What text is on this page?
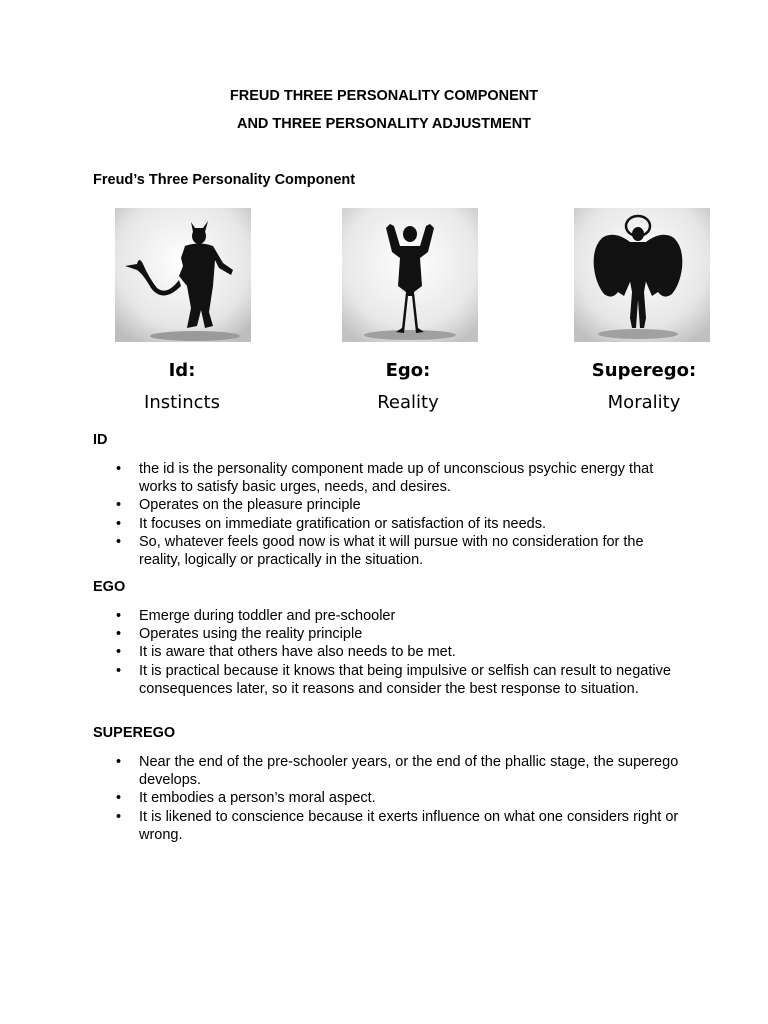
FREUD THREE PERSONALITY COMPONENT
AND THREE PERSONALITY ADJUSTMENT
Freud’s Three Personality Component
Id:
Instincts
Ego:
Reality
Superego:
Morality
ID
• the id is the personality component made up of unconscious psychic energy that works to satisfy basic urges, needs, and desires.
• Operates on the pleasure principle
• It focuses on immediate gratification or satisfaction of its needs.
• So, whatever feels good now is what it will pursue with no consideration for the reality, logically or practically in the situation.
EGO
• Emerge during toddler and pre-schooler
• Operates using the reality principle
• It is aware that others have also needs to be met.
• It is practical because it knows that being impulsive or selfish can result to negative consequences later, so it reasons and consider the best response to situation.
SUPEREGO
• Near the end of the pre-schooler years, or the end of the phallic stage, the superego develops.
• It embodies a person’s moral aspect.
• It is likened to conscience because it exerts influence on what one considers right or wrong.
